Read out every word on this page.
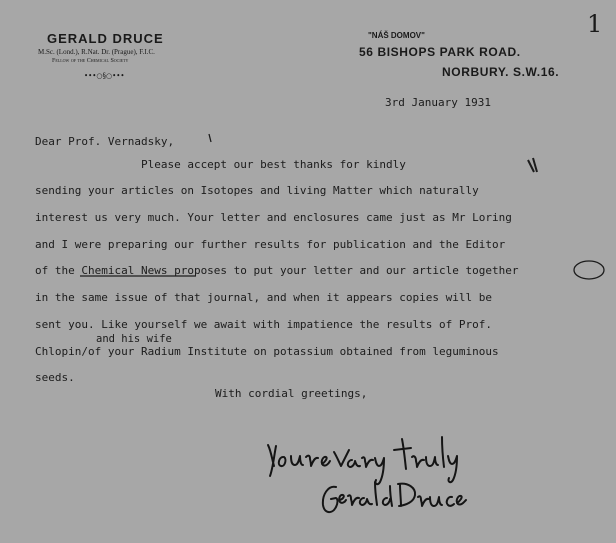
GERALD DRUCE
M.Sc. (Lond.), R.Nat. Dr. (Prague), F.I.C.
Fellow of the Chemical Society
•••○§○•••
"NÁŠ DOMOV"
56 BISHOPS PARK ROAD.
NORBURY. S.W.16.
1
3rd January 1931
Dear Prof. Vernadsky,
Please accept our best thanks for kindly
sending your articles on Isotopes and living Matter which naturally
interest us very much. Your letter and enclosures came just as Mr Loring
and I were preparing our further results for publication and the Editor
of the Chemical News proposes to put your letter and our article together
in the same issue of that journal, and when it appears copies will be
sent you. Like yourself we await with impatience the results of Prof.
Chlopin/of your Radium Institute on potassium obtained from leguminous
seeds.
and his wife
With cordial greetings,
